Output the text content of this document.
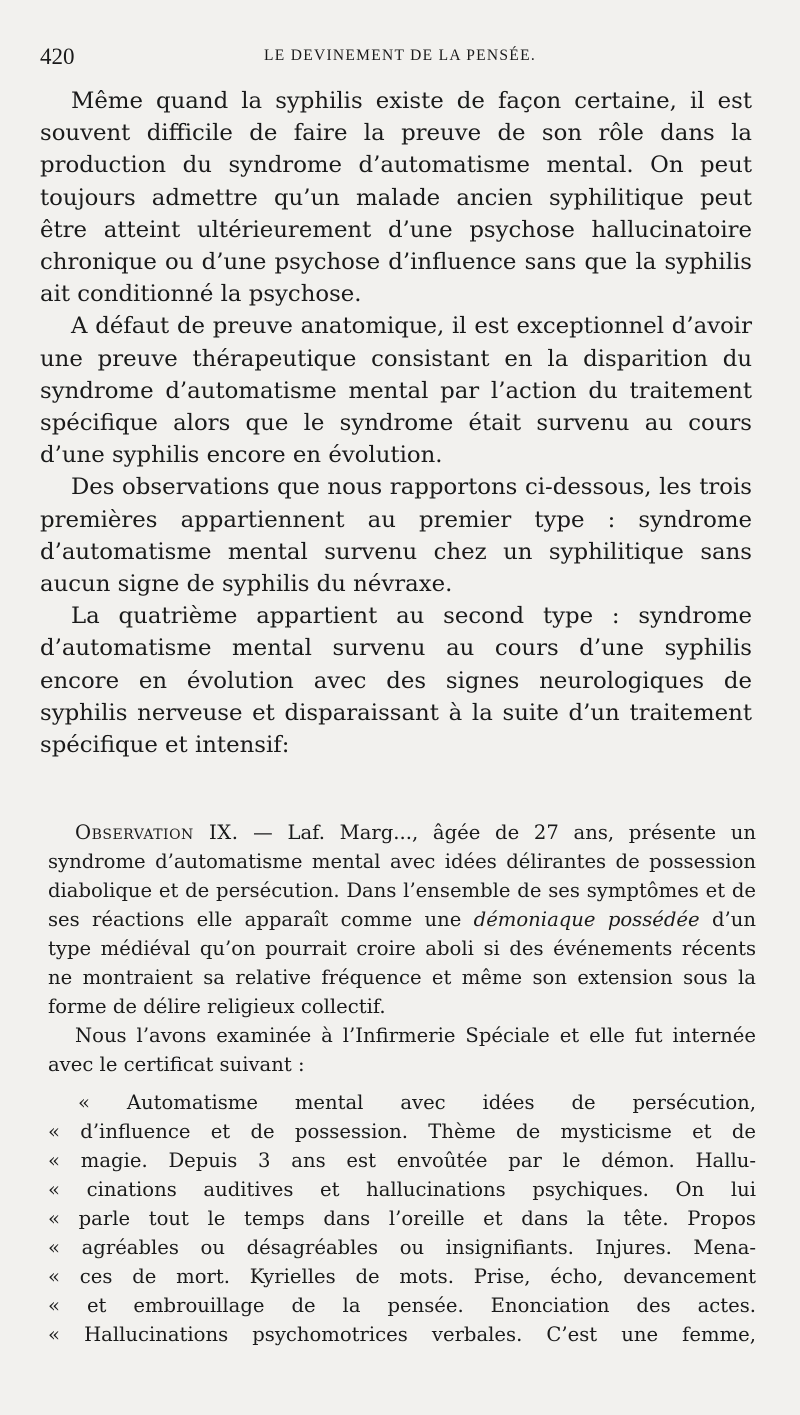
420	LE DEVINEMENT DE LA PENSÉE.

Même quand la syphilis existe de façon certaine, il est souvent difficile de faire la preuve de son rôle dans la production du syndrome d’automatisme mental. On peut toujours admettre qu’un malade ancien syphilitique peut être atteint ultérieurement d’une psychose hallucinatoire chronique ou d’une psychose d’influence sans que la syphilis ait conditionné la psychose.

A défaut de preuve anatomique, il est exceptionnel d’avoir une preuve thérapeutique consistant en la disparition du syndrome d’automatisme mental par l’action du traitement spécifique alors que le syndrome était survenu au cours d’une syphilis encore en évolution.

Des observations que nous rapportons ci-dessous, les trois premières appartiennent au premier type : syndrome d’automatisme mental survenu chez un syphilitique sans aucun signe de syphilis du névraxe.

La quatrième appartient au second type : syndrome d’automatisme mental survenu au cours d’une syphilis encore en évolution avec des signes neurologiques de syphilis nerveuse et disparaissant à la suite d’un traitement spécifique et intensif:

Observation IX. — Laf. Marg..., âgée de 27 ans, présente un syndrome d’automatisme mental avec idées délirantes de possession diabolique et de persécution. Dans l’ensemble de ses symptômes et de ses réactions elle apparaît comme une démoniaque possédée d’un type médiéval qu’on pourrait croire aboli si des événements récents ne montraient sa relative fréquence et même son extension sous la forme de délire religieux collectif.

Nous l’avons examinée à l’Infirmerie Spéciale et elle fut internée avec le certificat suivant :

« Automatisme mental avec idées de persécution,
« d’influence et de possession. Thème de mysticisme et de
« magie. Depuis 3 ans est envoûtée par le démon. Hallu-
« cinations auditives et hallucinations psychiques. On lui
« parle tout le temps dans l’oreille et dans la tête. Propos
« agréables ou désagréables ou insignifiants. Injures. Mena-
« ces de mort. Kyrielles de mots. Prise, écho, devancement
« et embrouillage de la pensée. Enonciation des actes.
« Hallucinations psychomotrices verbales. C’est une femme,
